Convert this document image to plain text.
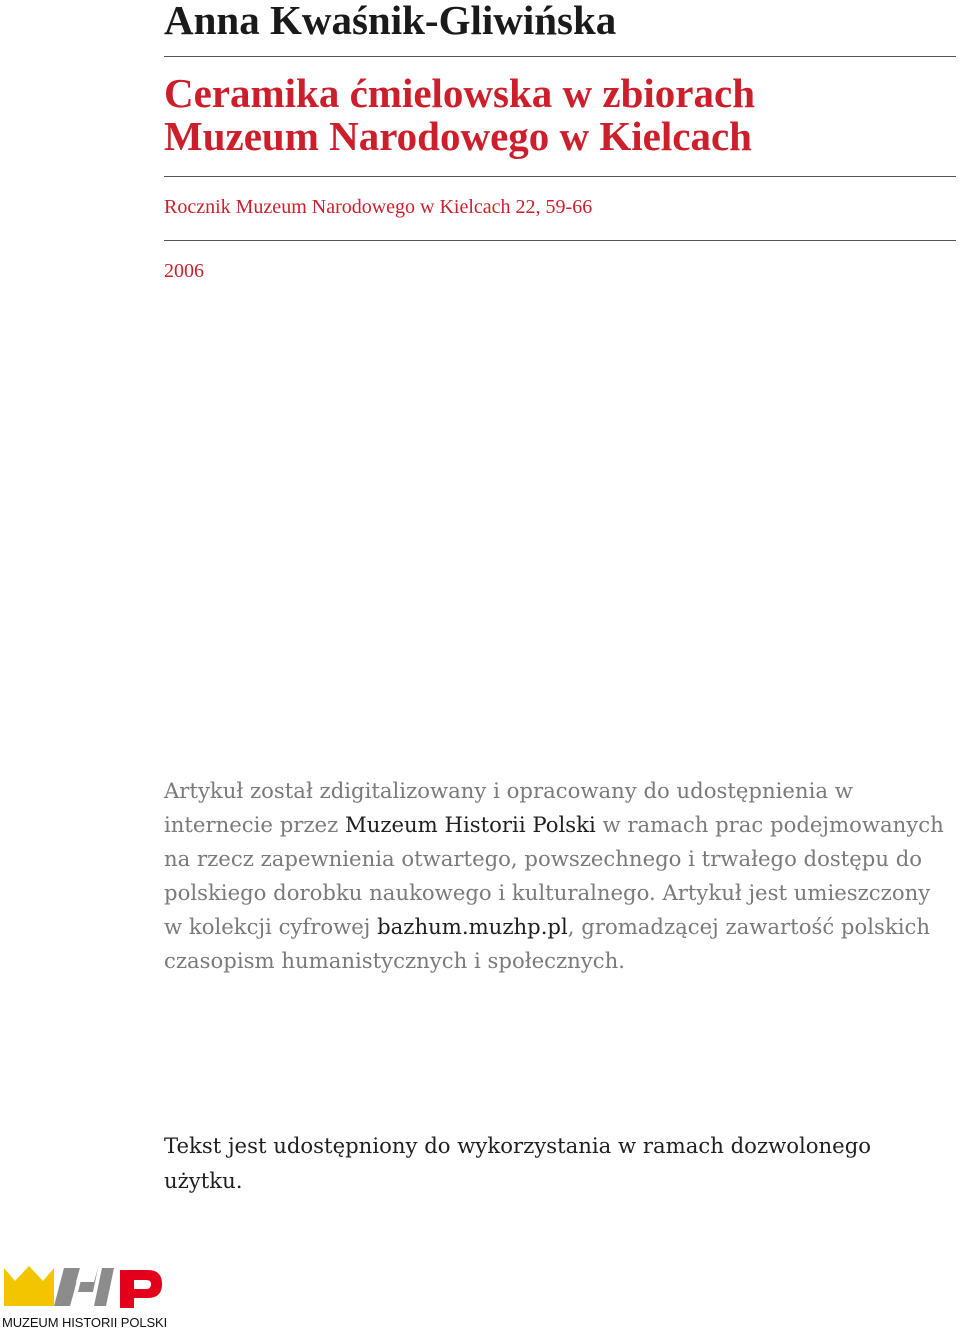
Anna Kwaśnik-Gliwińska
Ceramika ćmielowska w zbiorach
Muzeum Narodowego w Kielcach
Rocznik Muzeum Narodowego w Kielcach 22, 59-66
2006

Artykuł został zdigitalizowany i opracowany do udostępnienia w internecie przez Muzeum Historii Polski w ramach prac podejmowanych na rzecz zapewnienia otwartego, powszechnego i trwałego dostępu do polskiego dorobku naukowego i kulturalnego. Artykuł jest umieszczony w kolekcji cyfrowej bazhum.muzhp.pl, gromadzącej zawartość polskich czasopism humanistycznych i społecznych.

Tekst jest udostępniony do wykorzystania w ramach dozwolonego użytku.

MUZEUM HISTORII POLSKI
